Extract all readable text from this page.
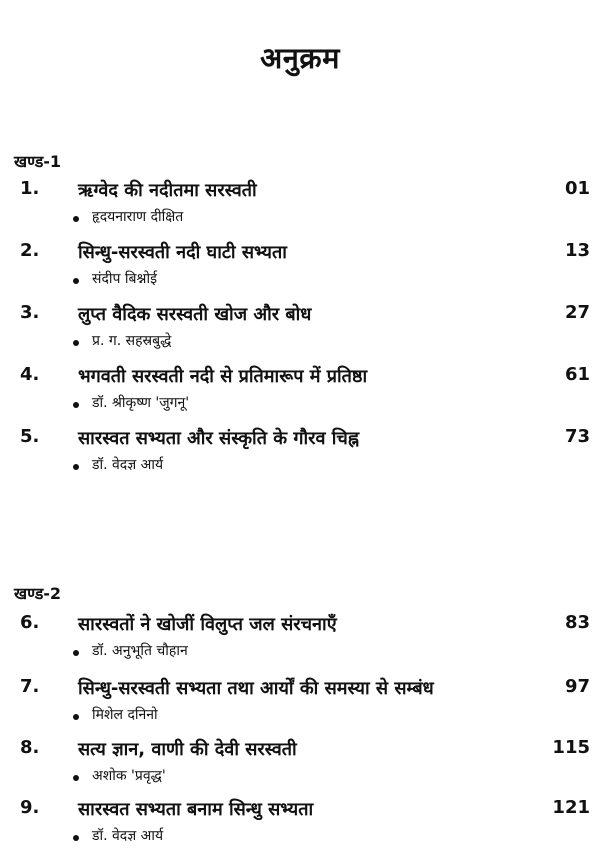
अनुक्रम
खण्ड-1
1. ऋग्वेद की नदीतमा सरस्वती	01
हृदयनाराण दीक्षित
2. सिन्धु-सरस्वती नदी घाटी सभ्यता	13
संदीप बिश्नोई
3. लुप्त वैदिक सरस्वती खोज और बोध	27
प्र. ग. सहस्रबुद्धे
4. भगवती सरस्वती नदी से प्रतिमारूप में प्रतिष्ठा	61
डॉ. श्रीकृष्ण 'जुगनू'
5. सारस्वत सभ्यता और संस्कृति के गौरव चिह्न	73
डॉ. वेदज्ञ आर्य
खण्ड-2
6. सारस्वतों ने खोजीं विलुप्त जल संरचनाएँ	83
डॉ. अनुभूति चौहान
7. सिन्धु-सरस्वती सभ्यता तथा आर्यों की समस्या से सम्बंध	97
मिशेल दनिनो
8. सत्य ज्ञान, वाणी की देवी सरस्वती	115
अशोक 'प्रवृद्ध'
9. सारस्वत सभ्यता बनाम सिन्धु सभ्यता	121
डॉ. वेदज्ञ आर्य
